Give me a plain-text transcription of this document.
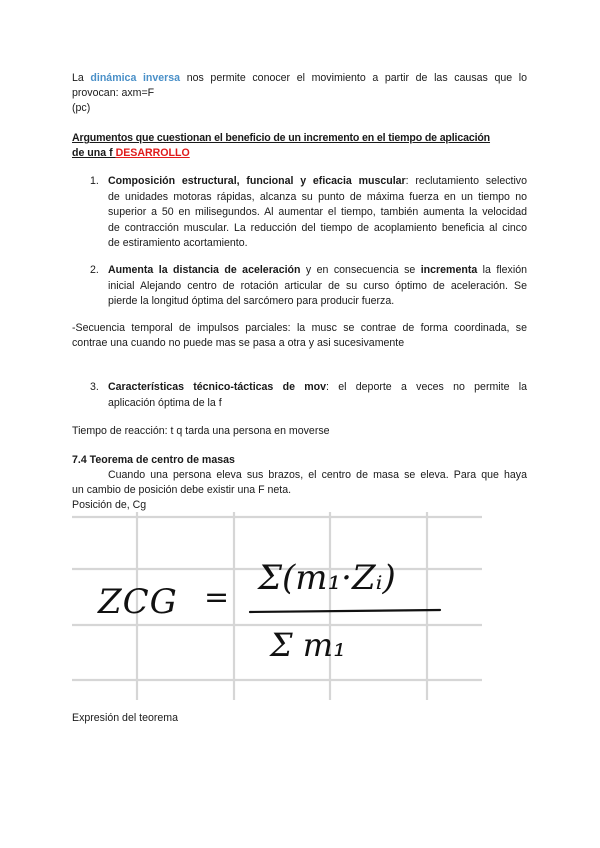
La dinámica inversa nos permite conocer el movimiento a partir de las causas que lo
provocan: axm=F
(pc)
Argumentos que cuestionan el beneficio de un incremento en el tiempo de aplicación
de una f DESARROLLO
1. Composición estructural, funcional y eficacia muscular: reclutamiento selectivo
de unidades motoras rápidas, alcanza su punto de máxima fuerza en un tiempo no
superior a 50 en milisegundos. Al aumentar el tiempo, también aumenta la velocidad
de contracción muscular. La reducción del tiempo de acoplamiento beneficia al cinco
de estiramiento acortamiento.
2. Aumenta la distancia de aceleración y en consecuencia se incrementa la flexión
inicial Alejando centro de rotación articular de su curso óptimo de aceleración. Se
pierde la longitud óptima del sarcómero para producir fuerza.
-Secuencia temporal de impulsos parciales: la musc se contrae de forma coordinada, se
contrae una cuando no puede mas se pasa a otra y asi sucesivamente
3. Características técnico-tácticas de mov: el deporte a veces no permite la
aplicación óptima de la f
Tiempo de reacción: t q tarda una persona en moverse
7.4 Teorema de centro de masas
Cuando una persona eleva sus brazos, el centro de masa se eleva. Para que haya
un cambio de posición debe existir una F neta.
Posición de, Cg
ZCG = Σ(m₁·Zᵢ)
Σ m₁
Expresión del teorema
